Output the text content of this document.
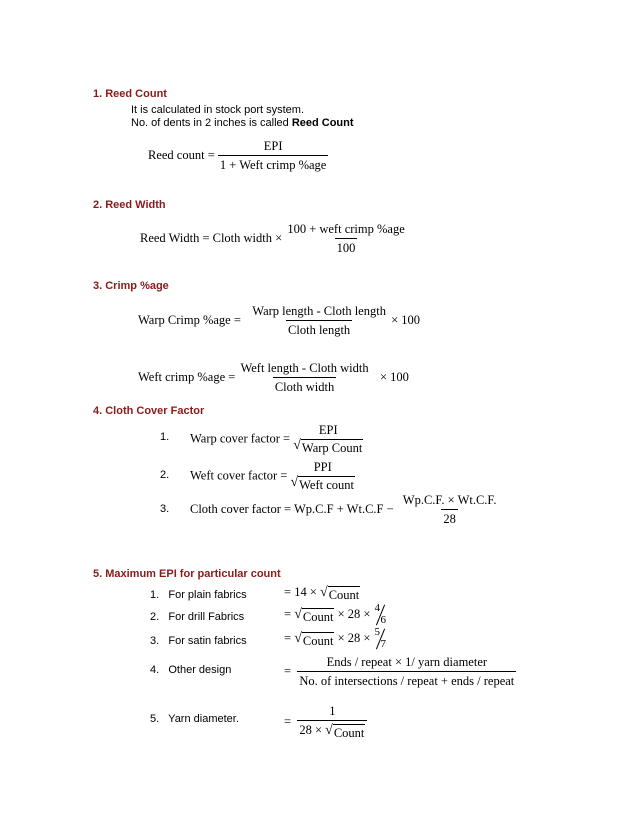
1. Reed Count
It is calculated in stock port system.
No. of dents in 2 inches is called Reed Count
Reed count = $\frac{\text{EPI}}{\text{1 + Weft crimp \%age}}$
2. Reed Width
Reed Width = Cloth width × $\frac{\text{100 + weft crimp \%age}}{100}$
3. Crimp %age
Warp Crimp $\%age = \frac{\text{Warp length - Cloth length}}{\text{Cloth length}} \times 100$
Weft crimp $\%age = \frac{\text{Weft length - Cloth width}}{\text{Cloth width}} \times 100$
4. Cloth Cover Factor
1. Warp cover factor =
EPI
√ Warp Count
2. Weft cover factor =
PPI
√ Weft count
3. Cloth cover factor = $Wp.C.F + Wt.C.F - \frac{Wp.C.F. \times Wt.C.F.}{28}$
5. Maximum EPI for particular count
1. For plain fabrics	= 14 × √ Count
2. For drill Fabrics	= √ Count × 28 × 4
6
3. For satin fabrics	= √ Count × 28 × 5
7
4. Other design	= $\frac{\text{Ends / repeat × 1/ yarn diameter}}{\text{No. of intersections / repeat + ends / repeat}}$
5. Yarn diameter.	= $\frac{1}{\text{28 × √ Count}}$
